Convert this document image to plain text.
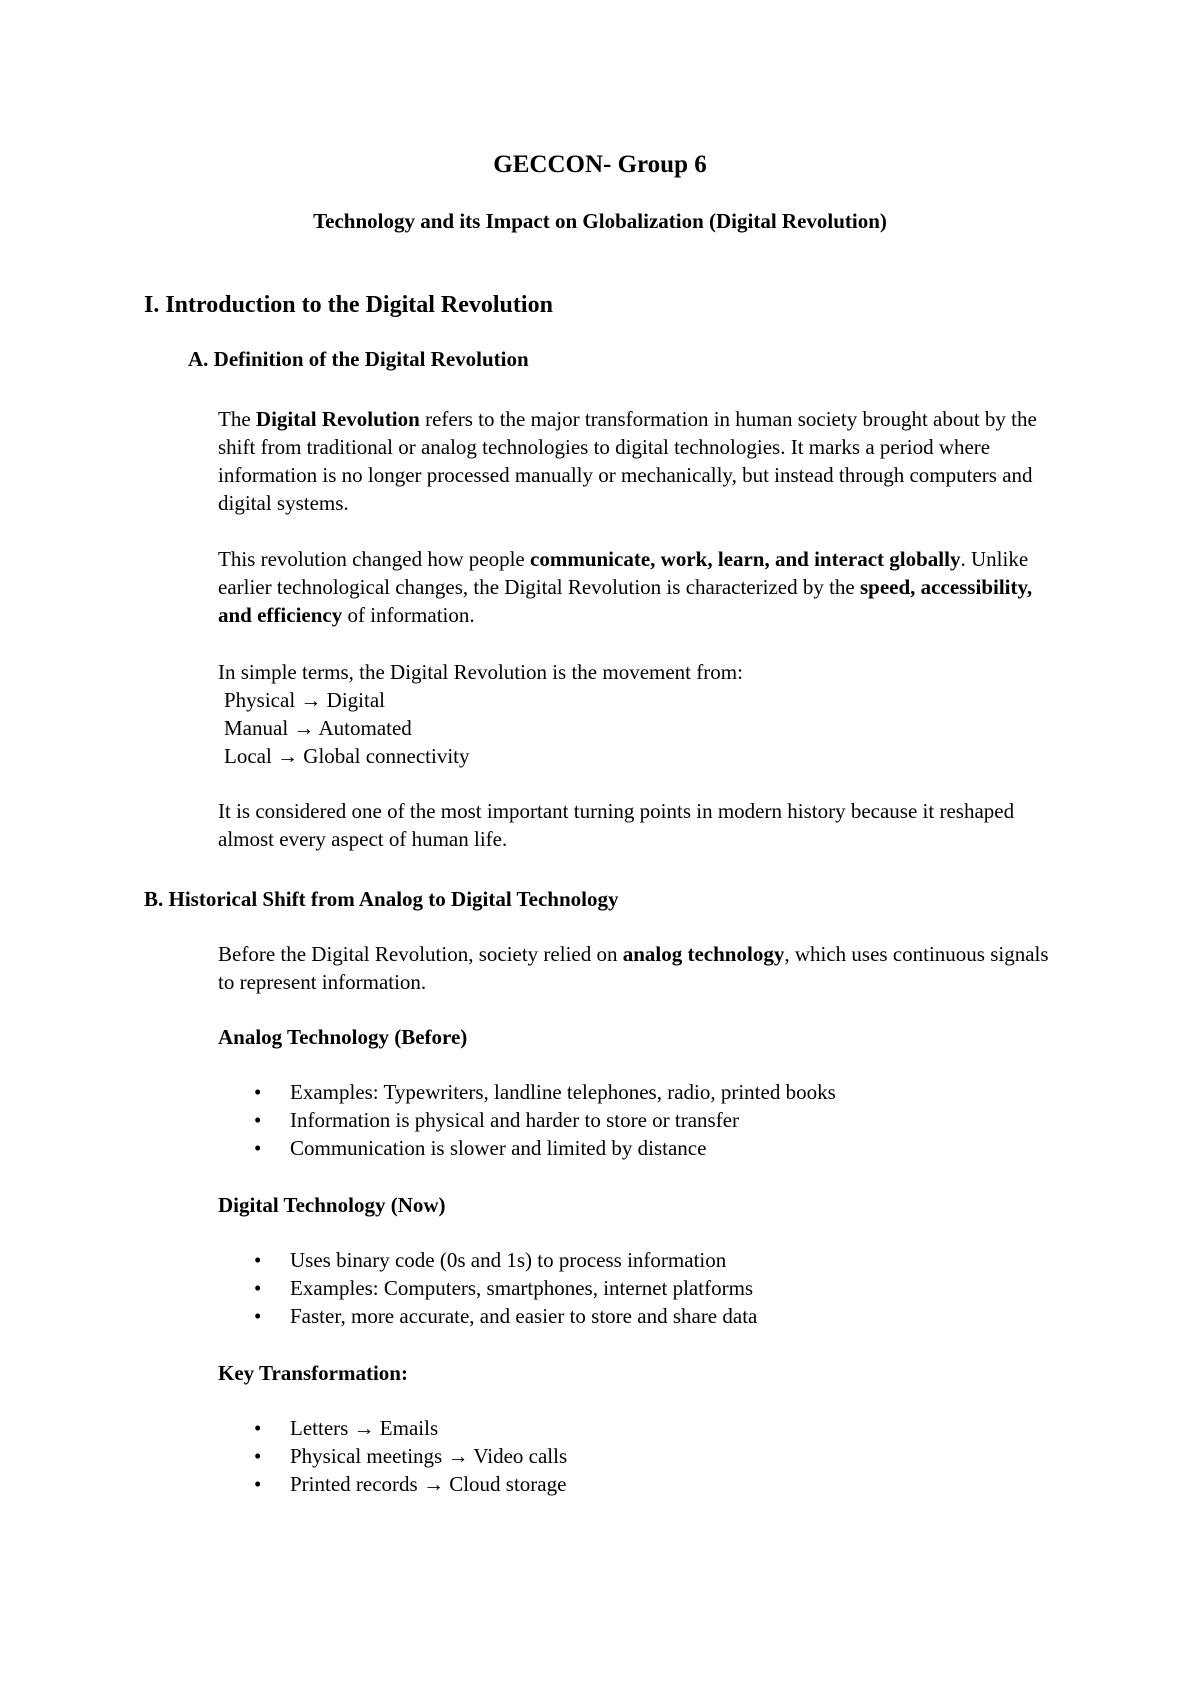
GECCON- Group 6
Technology and its Impact on Globalization (Digital Revolution)
I. Introduction to the Digital Revolution
A. Definition of the Digital Revolution

The Digital Revolution refers to the major transformation in human society brought about by the shift from traditional or analog technologies to digital technologies. It marks a period where information is no longer processed manually or mechanically, but instead through computers and digital systems.

This revolution changed how people communicate, work, learn, and interact globally. Unlike earlier technological changes, the Digital Revolution is characterized by the speed, accessibility, and efficiency of information.

In simple terms, the Digital Revolution is the movement from:
Physical → Digital
Manual → Automated
Local → Global connectivity

It is considered one of the most important turning points in modern history because it reshaped almost every aspect of human life.

B. Historical Shift from Analog to Digital Technology

Before the Digital Revolution, society relied on analog technology, which uses continuous signals to represent information.

Analog Technology (Before)
• Examples: Typewriters, landline telephones, radio, printed books
• Information is physical and harder to store or transfer
• Communication is slower and limited by distance
Digital Technology (Now)
• Uses binary code (0s and 1s) to process information
• Examples: Computers, smartphones, internet platforms
• Faster, more accurate, and easier to store and share data
Key Transformation:
• Letters → Emails
• Physical meetings → Video calls
• Printed records → Cloud storage
